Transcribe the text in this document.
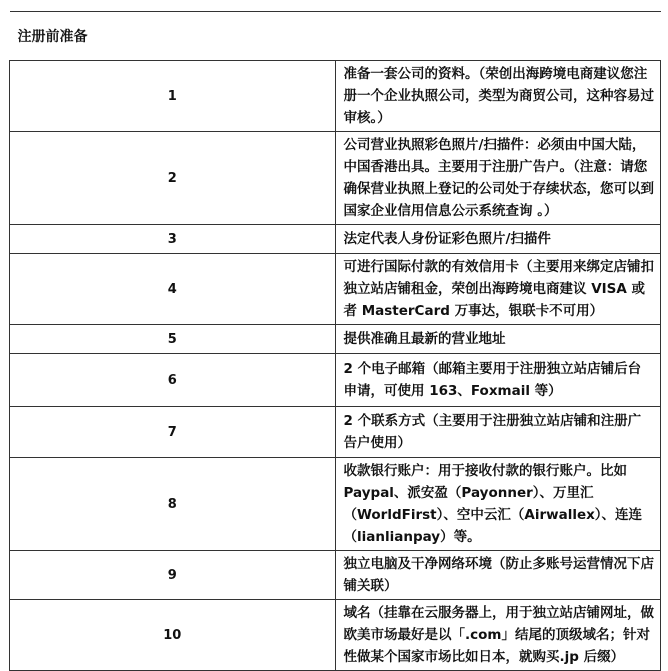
注册前准备	
1	准备一套公司的资料。（荣创出海跨境电商建议您注册一个企业执照公司，类型为商贸公司，这种容易过审核。）
2	公司营业执照彩色照片/扫描件：必须由中国大陆，中国香港出具。主要用于注册广告户。（注意：请您确保营业执照上登记的公司处于存续状态，您可以到国家企业信用信息公示系统查询 。）
3	法定代表人身份证彩色照片/扫描件
4	可进行国际付款的有效信用卡（主要用来绑定店铺扣独立站店铺租金，荣创出海跨境电商建议 VISA 或者 MasterCard 万事达，银联卡不可用）
5	提供准确且最新的营业地址
6	2 个电子邮箱（邮箱主要用于注册独立站店铺后台申请，可使用 163、Foxmail 等）
7	2 个联系方式（主要用于注册独立站店铺和注册广告户使用）
8	收款银行账户：用于接收付款的银行账户。比如 Paypal、派安盈（Payonner）、万里汇（WorldFirst）、空中云汇（Airwallex）、连连（lianlianpay）等。
9	独立电脑及干净网络环境（防止多账号运营情况下店铺关联）
10	域名（挂靠在云服务器上，用于独立站店铺网址，做欧美市场最好是以「.com」结尾的顶级域名；针对性做某个国家市场比如日本，就购买.jp 后缀）
